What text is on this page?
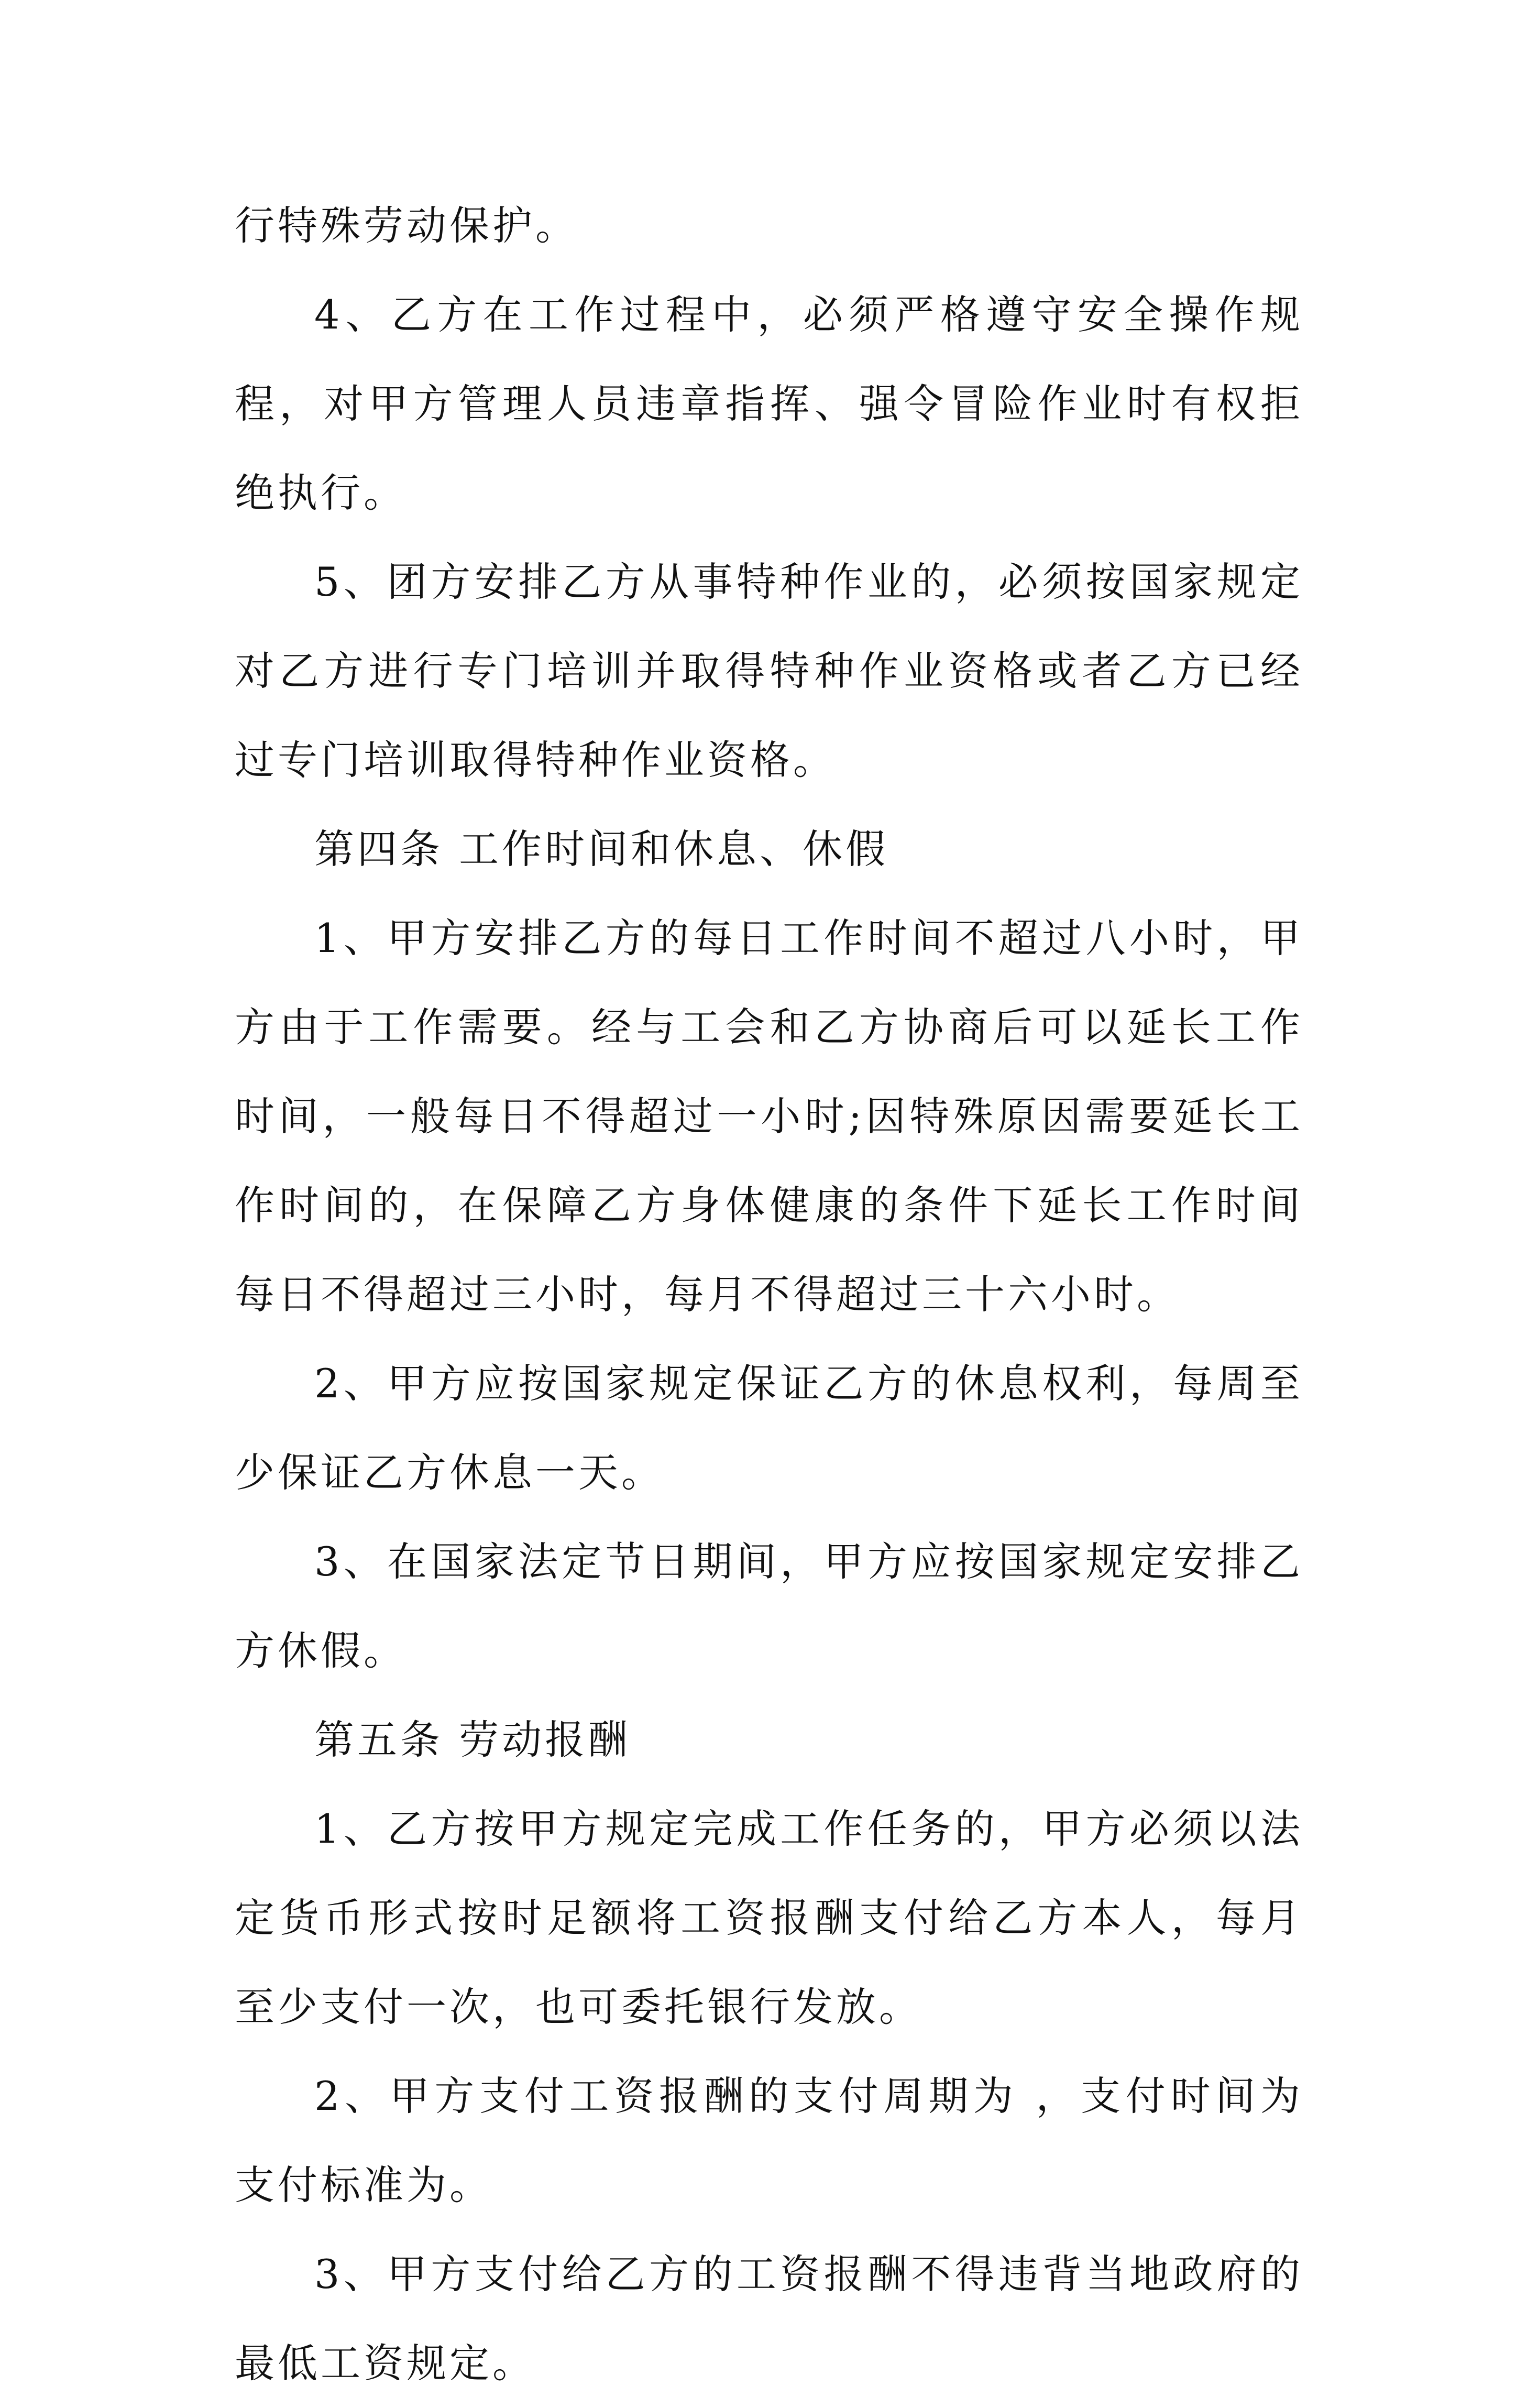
行特殊劳动保护。

4、乙方在工作过程中，必须严格遵守安全操作规程，对甲方管理人员违章指挥、强令冒险作业时有权拒绝执行。

5、团方安排乙方从事特种作业的，必须按国家规定对乙方进行专门培训并取得特种作业资格或者乙方已经过专门培训取得特种作业资格。

第四条 工作时间和休息、休假

1、甲方安排乙方的每日工作时间不超过八小时，甲方由于工作需要。经与工会和乙方协商后可以延长工作时间，一般每日不得超过一小时;因特殊原因需要延长工作时间的，在保障乙方身体健康的条件下延长工作时间每日不得超过三小时，每月不得超过三十六小时。

2、甲方应按国家规定保证乙方的休息权利，每周至少保证乙方休息一天。

3、在国家法定节日期间，甲方应按国家规定安排乙方休假。

第五条 劳动报酬

1、乙方按甲方规定完成工作任务的，甲方必须以法定货币形式按时足额将工资报酬支付给乙方本人，每月至少支付一次，也可委托银行发放。

2、甲方支付工资报酬的支付周期为 ，支付时间为 支付标准为。

3、甲方支付给乙方的工资报酬不得违背当地政府的最低工资规定。
